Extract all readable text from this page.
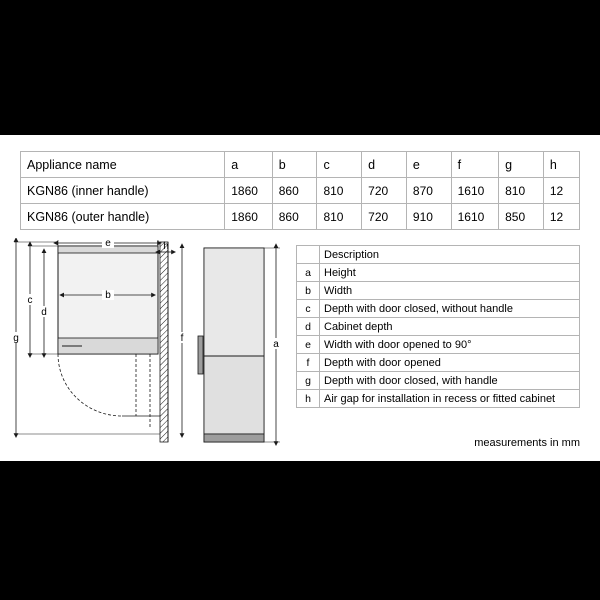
Appliance name	a	b	c	d	e	f	g	h
KGN86 (inner handle)	1860	860	810	720	870	1610	810	12
KGN86 (outer handle)	1860	860	810	720	910	1610	850	12
	Description
a	Height
b	Width
c	Depth with door closed, without handle
d	Cabinet depth
e	Width with door opened to 90°
f	Depth with door opened
g	Depth with door closed, with handle
h	Air gap for installation in recess or fitted cabinet
measurements in mm
e
b
h
g
c
d
f
a
